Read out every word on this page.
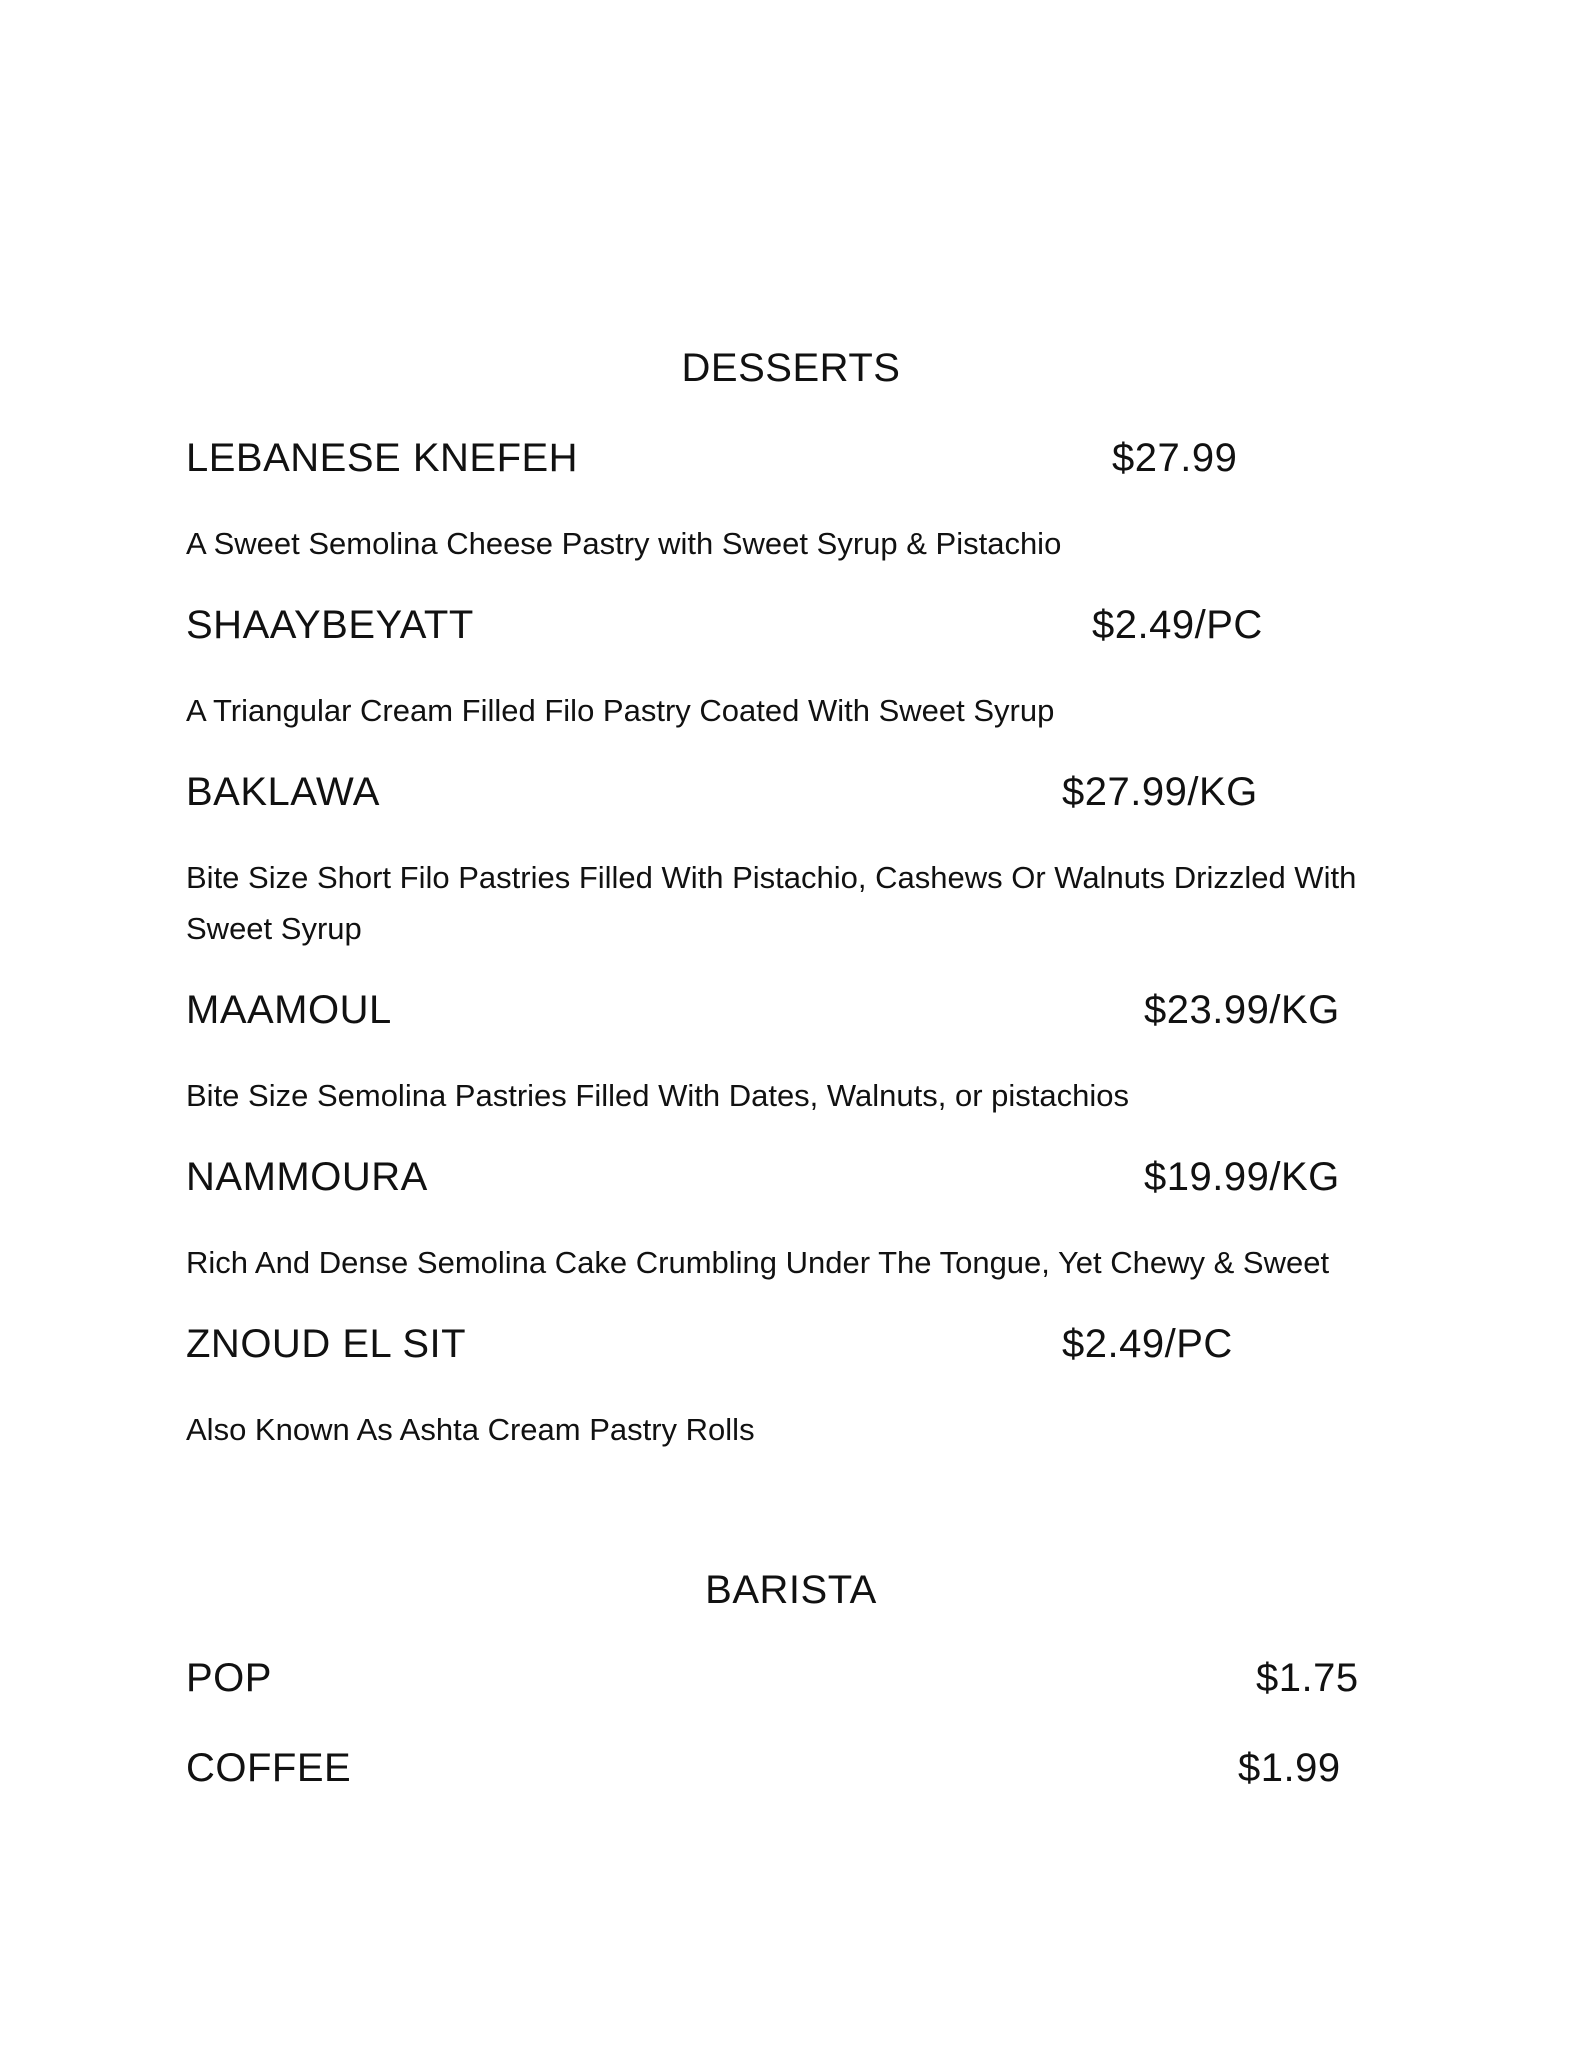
DESSERTS
LEBANESE KNEFEH	$27.99
A Sweet Semolina Cheese Pastry with Sweet Syrup & Pistachio
SHAAYBEYATT	$2.49/PC
A Triangular Cream Filled Filo Pastry Coated With Sweet Syrup
BAKLAWA	$27.99/KG
Bite Size Short Filo Pastries Filled With Pistachio, Cashews Or Walnuts Drizzled With Sweet Syrup
MAAMOUL	$23.99/KG
Bite Size Semolina Pastries Filled With Dates, Walnuts, or pistachios
NAMMOURA	$19.99/KG
Rich And Dense Semolina Cake Crumbling Under The Tongue, Yet Chewy & Sweet
ZNOUD EL SIT	$2.49/PC
Also Known As Ashta Cream Pastry Rolls
BARISTA
POP	$1.75
COFFEE	$1.99
